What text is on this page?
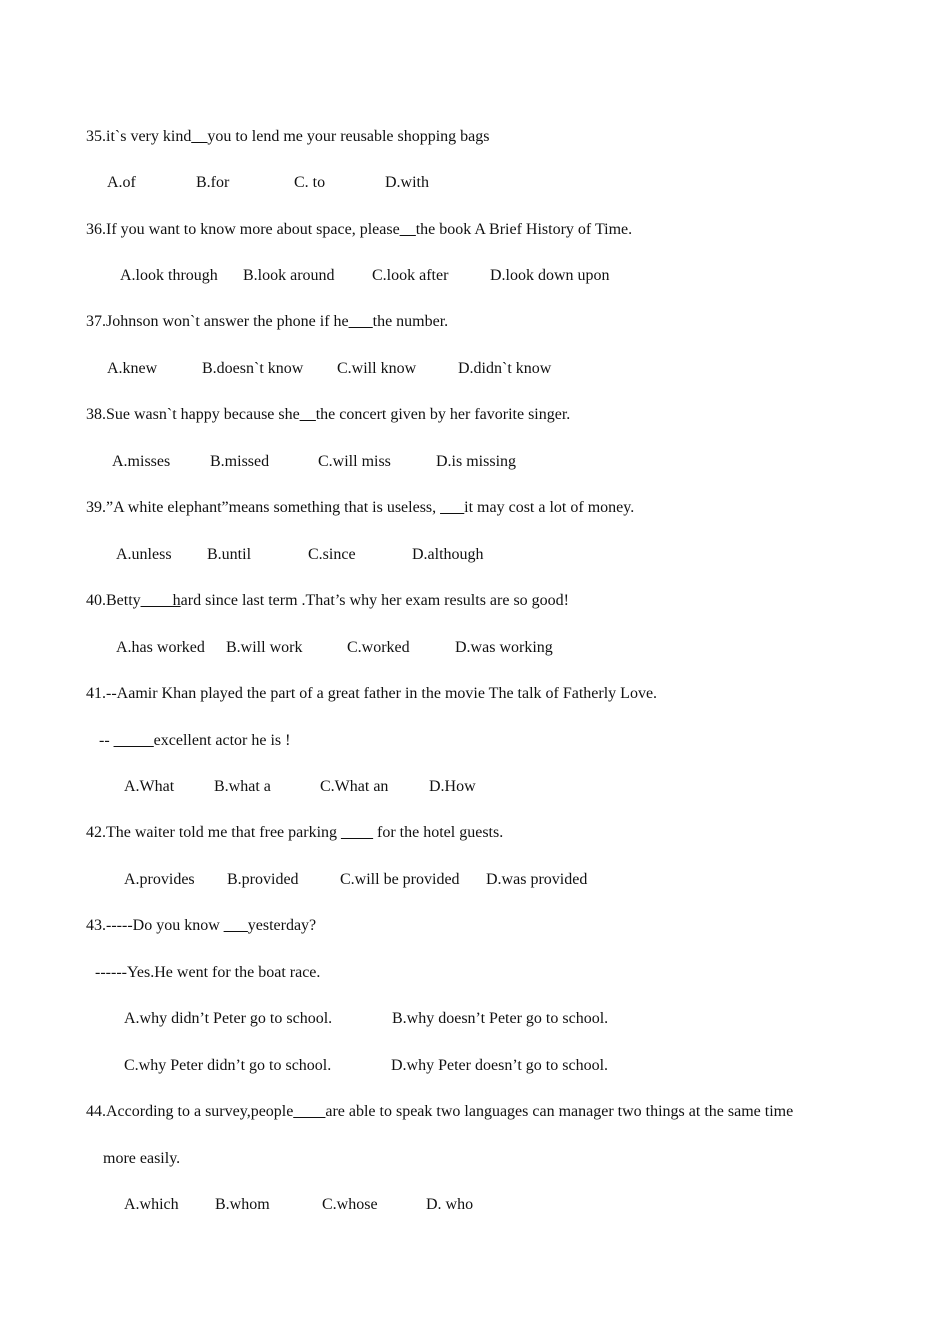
35.it`s very kind__you to lend me your reusable shopping bags
A.of	B.for	C. to	D.with
36.If you want to know more about space, please__the book A Brief History of Time.
A.look through B.look around C.look after	D.look down upon
37.Johnson won`t answer the phone if he___the number.
A.knew	B.doesn`t know C.will know	D.didn`t know
38.Sue wasn`t happy because she__the concert given by her favorite singer.
A.misses B.missed	C.will miss	D.is missing
39.”A white elephant”means something that is useless, ___it may cost a lot of money.
A.unless B.until	C.since	D.although
40.Betty____hard since last term .That’s why her exam results are so good!
A.has worked B.will work	C.worked	D.was working
41.--Aamir Khan played the part of a great father in the movie The talk of Fatherly Love.
-- _____excellent actor he is !
A.What B.what a	C.What an	D.How
42.The waiter told me that free parking ____ for the hotel guests.
A.provides B.provided	C.will be provided D.was provided
43.-----Do you know ___yesterday?
------Yes.He went for the boat race.
A.why didn’t Peter go to school.	B.why doesn’t Peter go to school.
C.why Peter didn’t go to school.	D.why Peter doesn’t go to school.
44.According to a survey,people____are able to speak two languages can manager two things at the same time
more easily.
A.which B.whom	C.whose	D. who
